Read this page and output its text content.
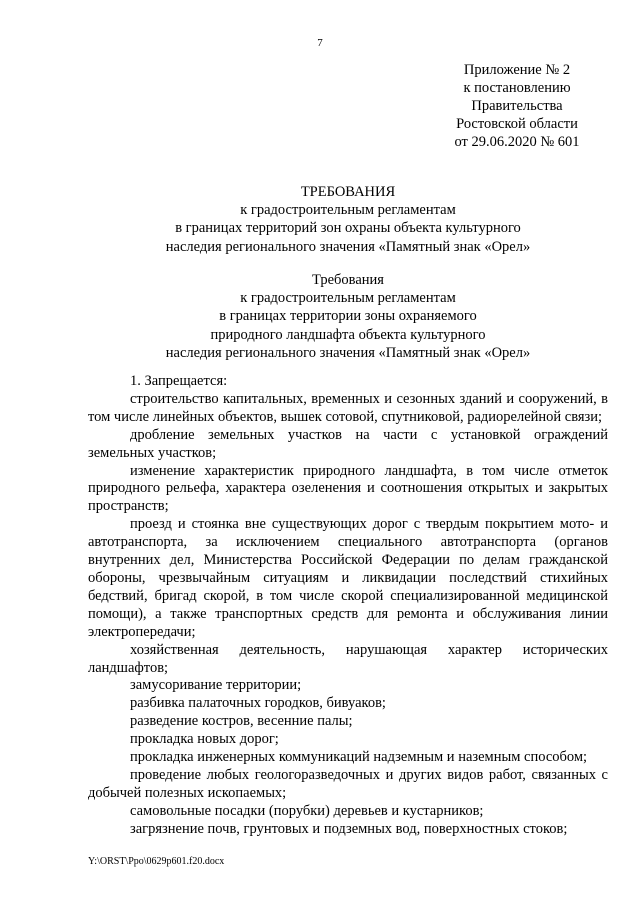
7
Приложение № 2
к постановлению
Правительства
Ростовской области
от 29.06.2020 № 601
ТРЕБОВАНИЯ
к градостроительным регламентам
в границах территорий зон охраны объекта культурного
наследия регионального значения «Памятный знак «Орел»
Требования
к градостроительным регламентам
в границах территории зоны охраняемого
природного ландшафта объекта культурного
наследия регионального значения «Памятный знак «Орел»

1. Запрещается:

строительство капитальных, временных и сезонных зданий и сооружений, в том числе линейных объектов, вышек сотовой, спутниковой, радиорелейной связи;

дробление земельных участков на части с установкой ограждений земельных участков;

изменение характеристик природного ландшафта, в том числе отметок природного рельефа, характера озеленения и соотношения открытых и закрытых пространств;

проезд и стоянка вне существующих дорог с твердым покрытием мото- и автотранспорта, за исключением специального автотранспорта (органов внутренних дел, Министерства Российской Федерации по делам гражданской обороны, чрезвычайным ситуациям и ликвидации последствий стихийных бедствий, бригад скорой, в том числе скорой специализированной медицинской помощи), а также транспортных средств для ремонта и обслуживания линии электропередачи;

хозяйственная деятельность, нарушающая характер исторических ландшафтов;

замусоривание территории;

разбивка палаточных городков, бивуаков;

разведение костров, весенние палы;

прокладка новых дорог;

прокладка инженерных коммуникаций надземным и наземным способом;

проведение любых геологоразведочных и других видов работ, связанных с добычей полезных ископаемых;

самовольные посадки (порубки) деревьев и кустарников;

загрязнение почв, грунтовых и подземных вод, поверхностных стоков;

Y:\ORST\Ppo\0629p601.f20.docx
